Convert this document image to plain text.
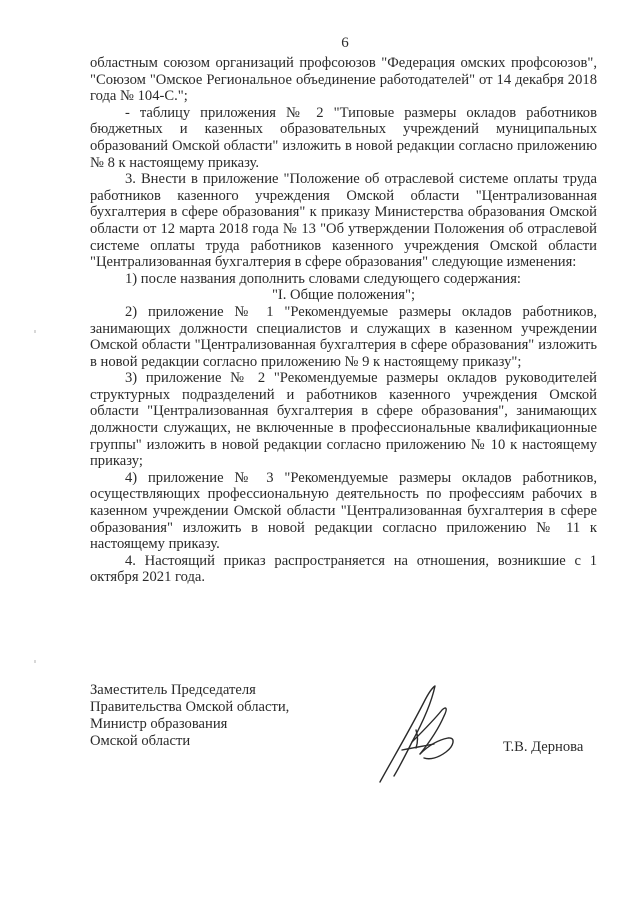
6

областным союзом организаций профсоюзов "Федерация омских профсоюзов", "Союзом "Омское Региональное объединение работодателей" от 14 декабря 2018 года № 104-С.";

- таблицу приложения № 2 "Типовые размеры окладов работников бюджетных и казенных образовательных учреждений муниципальных образований Омской области" изложить в новой редакции согласно приложению № 8 к настоящему приказу.

3. Внести в приложение "Положение об отраслевой системе оплаты труда работников казенного учреждения Омской области "Централизованная бухгалтерия в сфере образования" к приказу Министерства образования Омской области от 12 марта 2018 года № 13 "Об утверждении Положения об отраслевой системе оплаты труда работников казенного учреждения Омской области "Централизованная бухгалтерия в сфере образования" следующие изменения:

1) после названия дополнить словами следующего содержания:

"I. Общие положения";

2) приложение № 1 "Рекомендуемые размеры окладов работников, занимающих должности специалистов и служащих в казенном учреждении Омской области "Централизованная бухгалтерия в сфере образования" изложить в новой редакции согласно приложению № 9 к настоящему приказу";

3) приложение № 2 "Рекомендуемые размеры окладов руководителей структурных подразделений и работников казенного учреждения Омской области "Централизованная бухгалтерия в сфере образования", занимающих должности служащих, не включенные в профессиональные квалификационные группы" изложить в новой редакции согласно приложению № 10 к настоящему приказу;

4) приложение № 3 "Рекомендуемые размеры окладов работников, осуществляющих профессиональную деятельность по профессиям рабочих в казенном учреждении Омской области "Централизованная бухгалтерия в сфере образования" изложить в новой редакции согласно приложению № 11 к настоящему приказу.

4. Настоящий приказ распространяется на отношения, возникшие с 1 октября 2021 года.

Заместитель Председателя
Правительства Омской области,
Министр образования
Омской области	Т.В. Дернова
